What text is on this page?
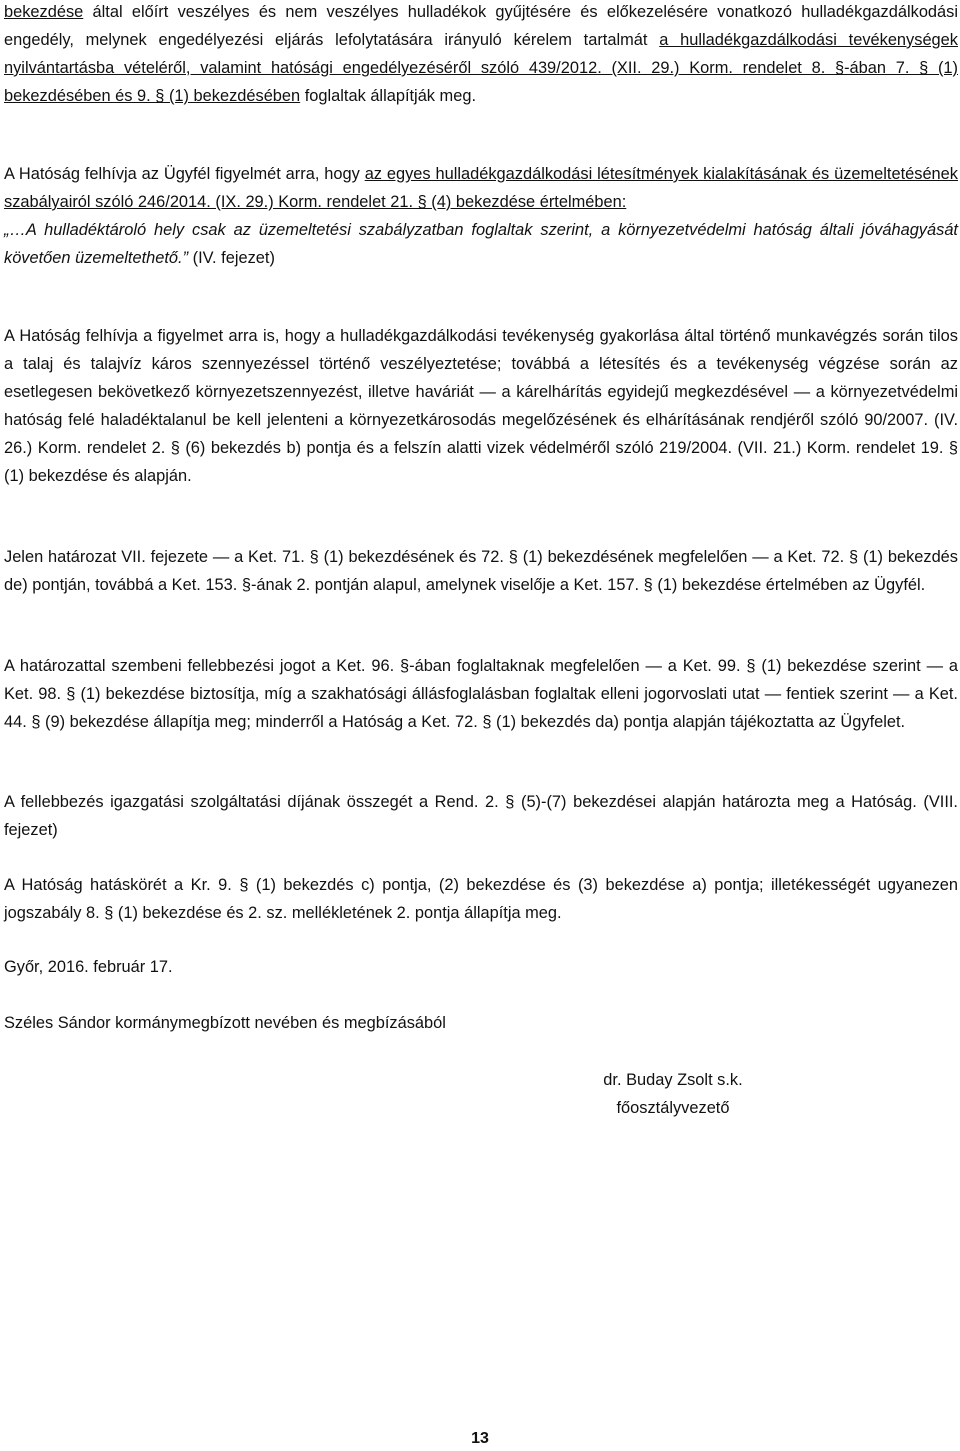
bekezdése által előírt veszélyes és nem veszélyes hulladékok gyűjtésére és előkezelésére vonatkozó hulladékgazdálkodási engedély, melynek engedélyezési eljárás lefolytatására irányuló kérelem tartalmát a hulladékgazdálkodási tevékenységek nyilvántartásba vételéről, valamint hatósági engedélyezéséről szóló 439/2012. (XII. 29.) Korm. rendelet 8. §-ában 7. § (1) bekezdésében és 9. § (1) bekezdésében foglaltak állapítják meg.

A Hatóság felhívja az Ügyfél figyelmét arra, hogy az egyes hulladékgazdálkodási létesítmények kialakításának és üzemeltetésének szabályairól szóló 246/2014. (IX. 29.) Korm. rendelet 21. § (4) bekezdése értelmében:
„…A hulladéktároló hely csak az üzemeltetési szabályzatban foglaltak szerint, a környezetvédelmi hatóság általi jóváhagyását követően üzemeltethető.” (IV. fejezet)

A Hatóság felhívja a figyelmet arra is, hogy a hulladékgazdálkodási tevékenység gyakorlása által történő munkavégzés során tilos a talaj és talajvíz káros szennyezéssel történő veszélyeztetése; továbbá a létesítés és a tevékenység végzése során az esetlegesen bekövetkező környezetszennyezést, illetve haváriát — a kárelhárítás egyidejű megkezdésével — a környezetvédelmi hatóság felé haladéktalanul be kell jelenteni a környezetkárosodás megelőzésének és elhárításának rendjéről szóló 90/2007. (IV. 26.) Korm. rendelet 2. § (6) bekezdés b) pontja és a felszín alatti vizek védelméről szóló 219/2004. (VII. 21.) Korm. rendelet 19. § (1) bekezdése és alapján.

Jelen határozat VII. fejezete — a Ket. 71. § (1) bekezdésének és 72. § (1) bekezdésének megfelelően — a Ket. 72. § (1) bekezdés de) pontján, továbbá a Ket. 153. §-ának 2. pontján alapul, amelynek viselője a Ket. 157. § (1) bekezdése értelmében az Ügyfél.

A határozattal szembeni fellebbezési jogot a Ket. 96. §-ában foglaltaknak megfelelően — a Ket. 99. § (1) bekezdése szerint — a Ket. 98. § (1) bekezdése biztosítja, míg a szakhatósági állásfoglalásban foglaltak elleni jogorvoslati utat — fentiek szerint — a Ket. 44. § (9) bekezdése állapítja meg; minderről a Hatóság a Ket. 72. § (1) bekezdés da) pontja alapján tájékoztatta az Ügyfelet.

A fellebbezés igazgatási szolgáltatási díjának összegét a Rend. 2. § (5)-(7) bekezdései alapján határozta meg a Hatóság. (VIII. fejezet)

A Hatóság hatáskörét a Kr. 9. § (1) bekezdés c) pontja, (2) bekezdése és (3) bekezdése a) pontja; illetékességét ugyanezen jogszabály 8. § (1) bekezdése és 2. sz. mellékletének 2. pontja állapítja meg.

Győr, 2016. február 17.

Széles Sándor kormánymegbízott nevében és megbízásából

dr. Buday Zsolt s.k.
főosztályvezető
13
